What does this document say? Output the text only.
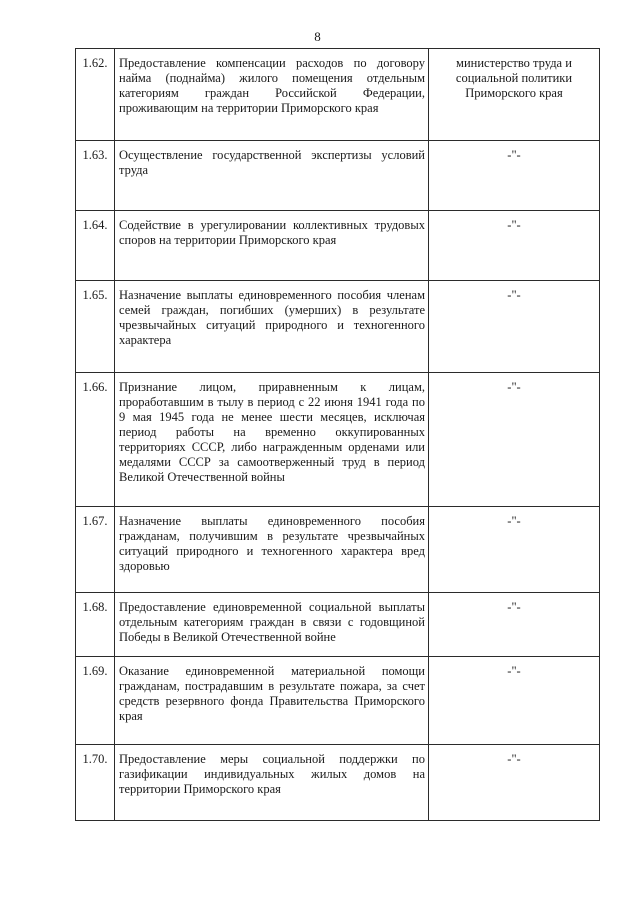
8
1.62.	Предоставление компенсации расходов по договору найма (поднайма) жилого помещения отдельным категориям граждан Российской Федерации, проживающим на территории Приморского края	министерство труда и социальной политики Приморского края
1.63.	Осуществление государственной экспертизы условий труда	-"-
1.64.	Содействие в урегулировании коллективных трудовых споров на территории Приморского края	-"-
1.65.	Назначение выплаты единовременного пособия членам семей граждан, погибших (умерших) в результате чрезвычайных ситуаций природного и техногенного характера	-"-
1.66.	Признание лицом, приравненным к лицам, проработавшим в тылу в период с 22 июня 1941 года по 9 мая 1945 года не менее шести месяцев, исключая период работы на временно оккупированных территориях СССР, либо награжденным орденами или медалями СССР за самоотверженный труд в период Великой Отечественной войны	-"-
1.67.	Назначение выплаты единовременного пособия гражданам, получившим в результате чрезвычайных ситуаций природного и техногенного характера вред здоровью	-"-
1.68.	Предоставление единовременной социальной выплаты отдельным категориям граждан в связи с годовщиной Победы в Великой Отечественной войне	-"-
1.69.	Оказание единовременной материальной помощи гражданам, пострадавшим в результате пожара, за счет средств резервного фонда Правительства Приморского края	-"-
1.70.	Предоставление меры социальной поддержки по газификации индивидуальных жилых домов на территории Приморского края	-"-
